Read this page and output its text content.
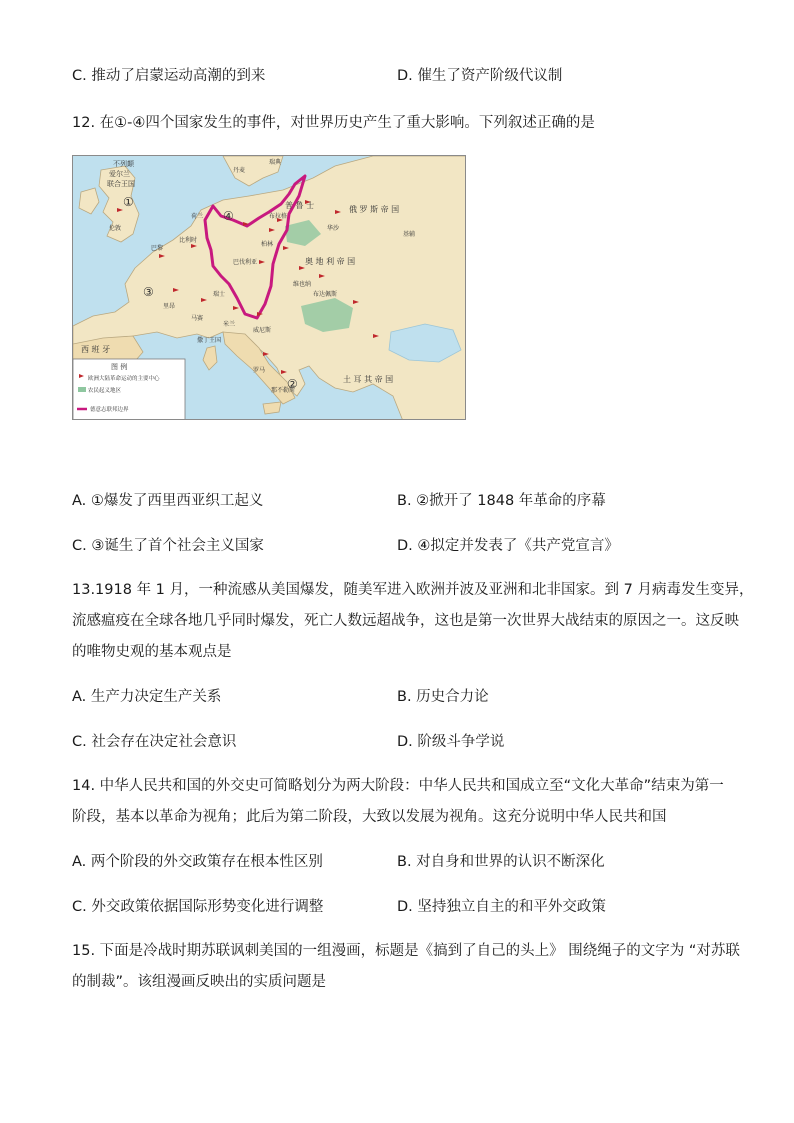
C. 推动了启蒙运动高潮的到来	D. 催生了资产阶级代议制
12. 在①-④四个国家发生的事件，对世界历史产生了重大影响。下列叙述正确的是
不列颠
爱尔兰
联合王国
①
伦敦
④
③
②
西 班 牙
俄 罗 斯 帝 国
奥 地 利 帝 国
土 耳 其 帝 国
普 鲁 士
巴黎
比利时
荷兰
丹麦
瑞典
柏林
维也纳
巴伐利亚
瑞士
里昂
马赛
罗马
那不勒斯
布达佩斯
华沙
布拉格
米兰
威尼斯
撒丁王国
基辅
图 例
欧洲大陆革命运动的主要中心
农民起义地区
德意志联邦边界
A. ①爆发了西里西亚织工起义	B. ②掀开了 1848 年革命的序幕
C. ③诞生了首个社会主义国家	D. ④拟定并发表了《共产党宣言》
13.1918 年 1 月，一种流感从美国爆发，随美军进入欧洲并波及亚洲和北非国家。到 7 月病毒发生变异，
流感瘟疫在全球各地几乎同时爆发，死亡人数远超战争，这也是第一次世界大战结束的原因之一。这反映
的唯物史观的基本观点是
A. 生产力决定生产关系	B. 历史合力论
C. 社会存在决定社会意识	D. 阶级斗争学说
14. 中华人民共和国的外交史可简略划分为两大阶段：中华人民共和国成立至“文化大革命”结束为第一
阶段，基本以革命为视角；此后为第二阶段，大致以发展为视角。这充分说明中华人民共和国
A. 两个阶段的外交政策存在根本性区别	B. 对自身和世界的认识不断深化
C. 外交政策依据国际形势变化进行调整	D. 坚持独立自主的和平外交政策
15. 下面是冷战时期苏联讽刺美国的一组漫画，标题是《搞到了自己的头上》 围绕绳子的文字为 “对苏联
的制裁”。该组漫画反映出的实质问题是
